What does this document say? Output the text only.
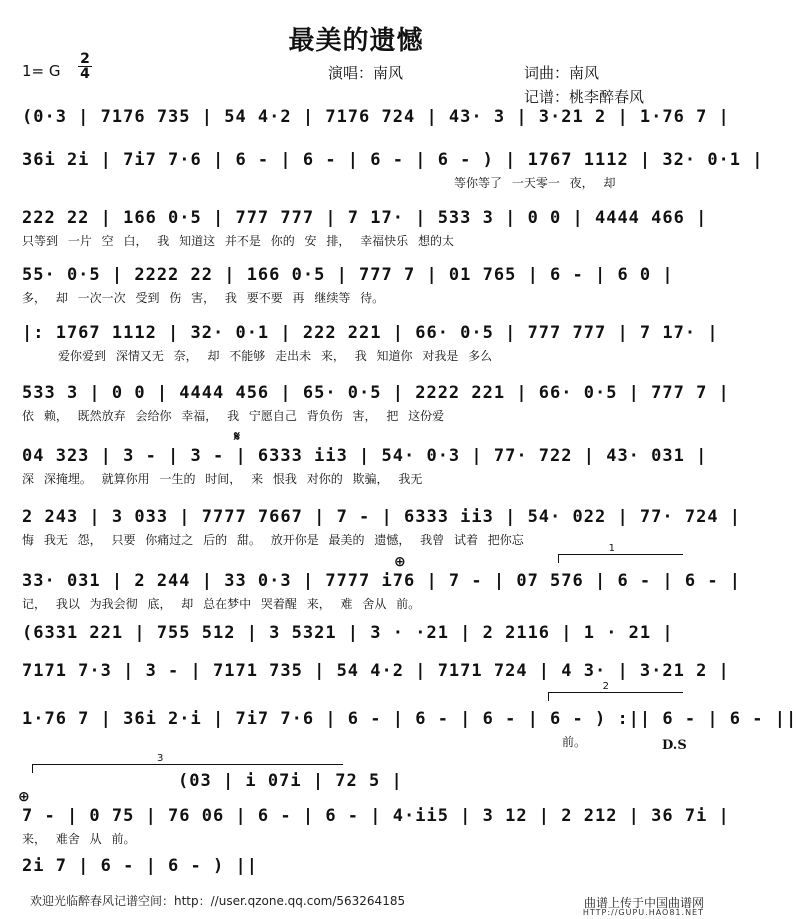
最美的遗憾
1= G $\frac{2}{4}$	演唱：南风	词曲：南风
记谱：桃李醉春风
(0·3 | 7176 735 | 54 4·2 | 7176 724 | 43· 3 | 3·21 2 | 1·76 7 |
36i 2i | 7i7 7·6 | 6 - | 6 - | 6 - | 6 - ) | 1767 1112 | 32· 0·1 |
等你等了 一天零一 夜， 却
222 22 | 166 0·5 | 777 777 | 7 17· | 533 3 | 0 0 | 4444 466 |
只等到 一片 空 白， 我 知道这 并不是 你的 安 排， 幸福快乐 想的太
55· 0·5 | 2222 22 | 166 0·5 | 777 7 | 01 765 | 6 - | 6 0 |
多， 却 一次一次 受到 伤 害， 我 要不要 再 继续等 待。
|: 1767 1112 | 32· 0·1 | 222 221 | 66· 0·5 | 777 777 | 7 17· |
爱你爱到 深情又无 奈， 却 不能够 走出未 来， 我 知道你 对我是 多么
533 3 | 0 0 | 4444 456 | 65· 0·5 | 2222 221 | 66· 0·5 | 777 7 |
依 赖， 既然放弃 会给你 幸福， 我 宁愿自己 背负伤 害， 把 这份爱
𝄋
04 323 | 3 - | 3 - | 6333 ii3 | 54· 0·3 | 77· 722 | 43· 031 |
深 深掩埋。 就算你用 一生的 时间， 来 恨我 对你的 欺骗， 我无
2 243 | 3 033 | 7777 7667 | 7 - | 6333 ii3 | 54· 022 | 77· 724 |
悔 我无 怨， 只要 你痛过之 后的 甜。 放开你是 最美的 遗憾， 我曾 试着 把你忘
1
⊕
33· 031 | 2 244 | 33 0·3 | 7777 i76 | 7 - | 07 576 | 6 - | 6 - |
记， 我以 为我会彻 底， 却 总在梦中 哭着醒 来， 难 舍从 前。
(6331 221 | 755 512 | 3 5321 | 3 · ·21 | 2 2116 | 1 · 21 |
7171 7·3 | 3 - | 7171 735 | 54 4·2 | 7171 724 | 4 3· | 3·21 2 |
2
1·76 7 | 36i 2·i | 7i7 7·6 | 6 - | 6 - | 6 - | 6 - ) :|| 6 - | 6 - ||
前。	D.S
3
(03 | i 07i | 72 5 |
⊕
7 - | 0 75 | 76 06 | 6 - | 6 - | 4·ii5 | 3 12 | 2 212 | 36 7i |
来， 难舍 从 前。
2i 7 | 6 - | 6 - ) ||
欢迎光临醉春风记谱空间：http：//user.qzone.qq.com/563264185	曲谱上传于中国曲谱网
HTTP://GUPU.HAO81.NET
